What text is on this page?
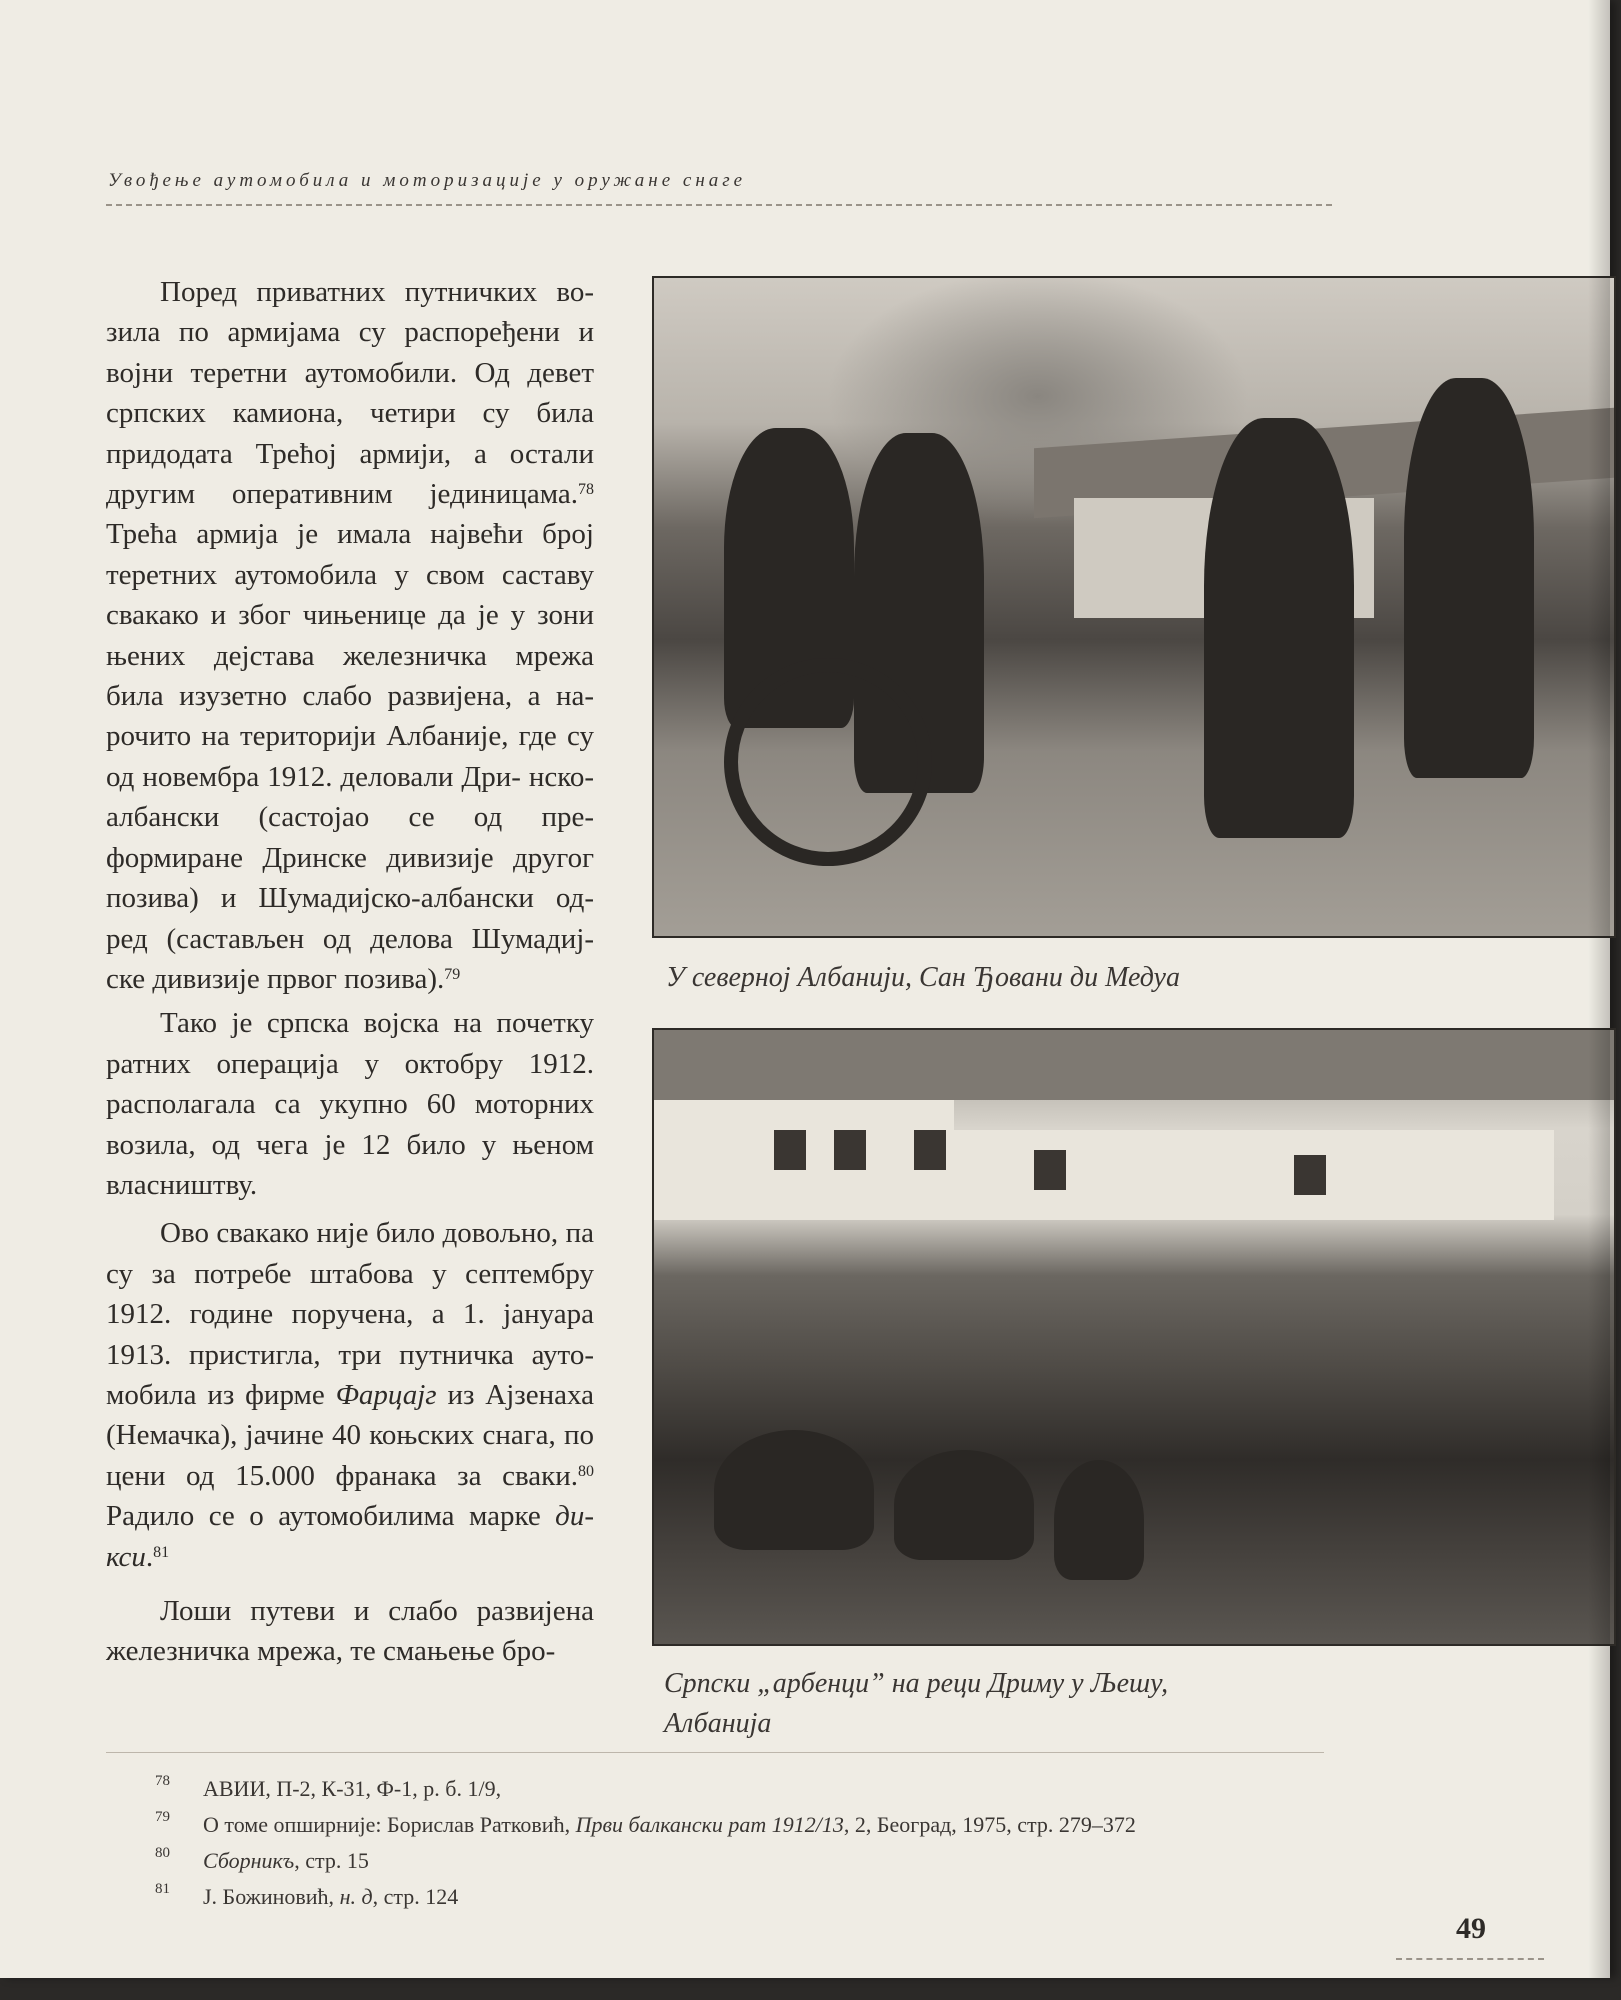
Увођење аутомобила и моторизације у оружане снаге

Поред приватних путничких во- зила по армијама су распоређени и војни теретни аутомобили. Од девет српских камиона, четири су била придодата Трећој армији, а остали другим оперативним јединицама.$^{78}$ Трећа армија је имала највећи број теретних аутомобила у свом саставу свакако и због чињенице да је у зони њених дејстава железничка мрежа била изузетно слабо развијена, а на- рочито на територији Албаније, где су од новембра 1912. деловали Дри- нско-албански (састојао се од пре- формиране Дринске дивизије другог позива) и Шумадијско-албански од- ред (састављен од делова Шумадиј- ске дивизије првог позива).$^{79}$

Тако је српска војска на почетку ратних операција у октобру 1912. располагала са укупно 60 моторних возила, од чега је 12 било у њеном власништву.

Ово свакако није било довољно, па су за потребе штабова у септембру 1912. године поручена, а 1. јануара 1913. пристигла, три путничка ауто- мобила из фирме Фарцајг из Ајзенаха (Немачка), јачине 40 коњских снага, по цени од 15.000 франака за сваки.$^{80}$ Радило се о аутомобилима марке ди- кси.$^{81}$

Лоши путеви и слабо развијена железничка мрежа, те смањење бро-

У северној Албанији, Сан Ђовани ди Медуа
Српски „арбенци” на реци Дриму у Љешу,
Албанија
78 АВИИ, П-2, К-31, Ф-1, р. б. 1/9,
79 О томе опширније: Борислав Ратковић, Први балкански рат 1912/13, 2, Београд, 1975, стр. 279–372
80 Сборникъ, стр. 15
81 Ј. Божиновић, н. д, стр. 124
49
